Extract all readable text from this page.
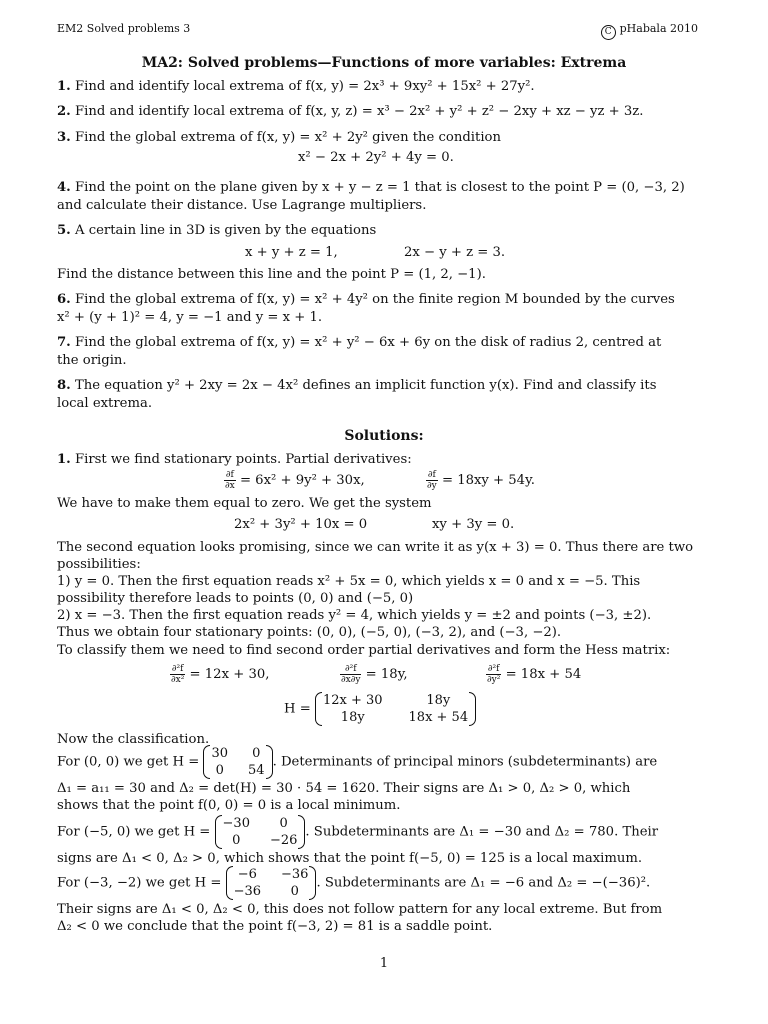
EM2 Solved problems 3	C pHabala 2010
MA2: Solved problems—Functions of more variables: Extrema
1. Find and identify local extrema of f(x, y) = 2x³ + 9xy² + 15x² + 27y².
2. Find and identify local extrema of f(x, y, z) = x³ − 2x² + y² + z² − 2xy + xz − yz + 3z.
3. Find the global extrema of f(x, y) = x² + 2y² given the condition
x² − 2x + 2y² + 4y = 0.
4. Find the point on the plane given by x + y − z = 1 that is closest to the point P = (0, −3, 2)
and calculate their distance. Use Lagrange multipliers.
5. A certain line in 3D is given by the equations
x + y + z = 1,	2x − y + z = 3.
Find the distance between this line and the point P = (1, 2, −1).
6. Find the global extrema of f(x, y) = x² + 4y² on the finite region M bounded by the curves
x² + (y + 1)² = 4, y = −1 and y = x + 1.
7. Find the global extrema of f(x, y) = x² + y² − 6x + 6y on the disk of radius 2, centred at
the origin.
8. The equation y² + 2xy = 2x − 4x² defines an implicit function y(x). Find and classify its
local extrema.
Solutions:
1. First we find stationary points. Partial derivatives:
$\frac{\partial f}{\partial x} = 6x^2 + 9y^2 + 30x$,	$\frac{\partial f}{\partial y} = 18xy + 54y$.
We have to make them equal to zero. We get the system
2x² + 3y² + 10x = 0	xy + 3y = 0.
The second equation looks promising, since we can write it as y(x + 3) = 0. Thus there are two
possibilities:
1) y = 0. Then the first equation reads x² + 5x = 0, which yields x = 0 and x = −5. This
possibility therefore leads to points (0, 0) and (−5, 0)
2) x = −3. Then the first equation reads y² = 4, which yields y = ±2 and points (−3, ±2).
Thus we obtain four stationary points: (0, 0), (−5, 0), (−3, 2), and (−3, −2).
To classify them we need to find second order partial derivatives and form the Hess matrix:
$\frac{\text{∂²f}}{\text{∂x²}} = 12x + 30$,	$\frac{\text{∂²f}}{\partial x\partial y} = 18y$,	$\frac{\text{∂²f}}{\text{∂y²}} = 18x + 54$
H =
12x + 30	18y
18y	18x + 54
Now the classification.
For (0, 0) we get H =
30	0
0	54
. Determinants of principal minors (subdeterminants) are
Δ₁ = a₁₁ = 30 and Δ₂ = det(H) = 30 · 54 = 1620. Their signs are Δ₁ > 0, Δ₂ > 0, which
shows that the point f(0, 0) = 0 is a local minimum.
For (−5, 0) we get H =
−30	0
0	−26
. Subdeterminants are Δ₁ = −30 and Δ₂ = 780. Their
signs are Δ₁ < 0, Δ₂ > 0, which shows that the point f(−5, 0) = 125 is a local maximum.
For (−3, −2) we get H =
−6	−36
−36	0
. Subdeterminants are Δ₁ = −6 and Δ₂ = −(−36)².
Their signs are Δ₁ < 0, Δ₂ < 0, this does not follow pattern for any local extreme. But from
Δ₂ < 0 we conclude that the point f(−3, 2) = 81 is a saddle point.
1
